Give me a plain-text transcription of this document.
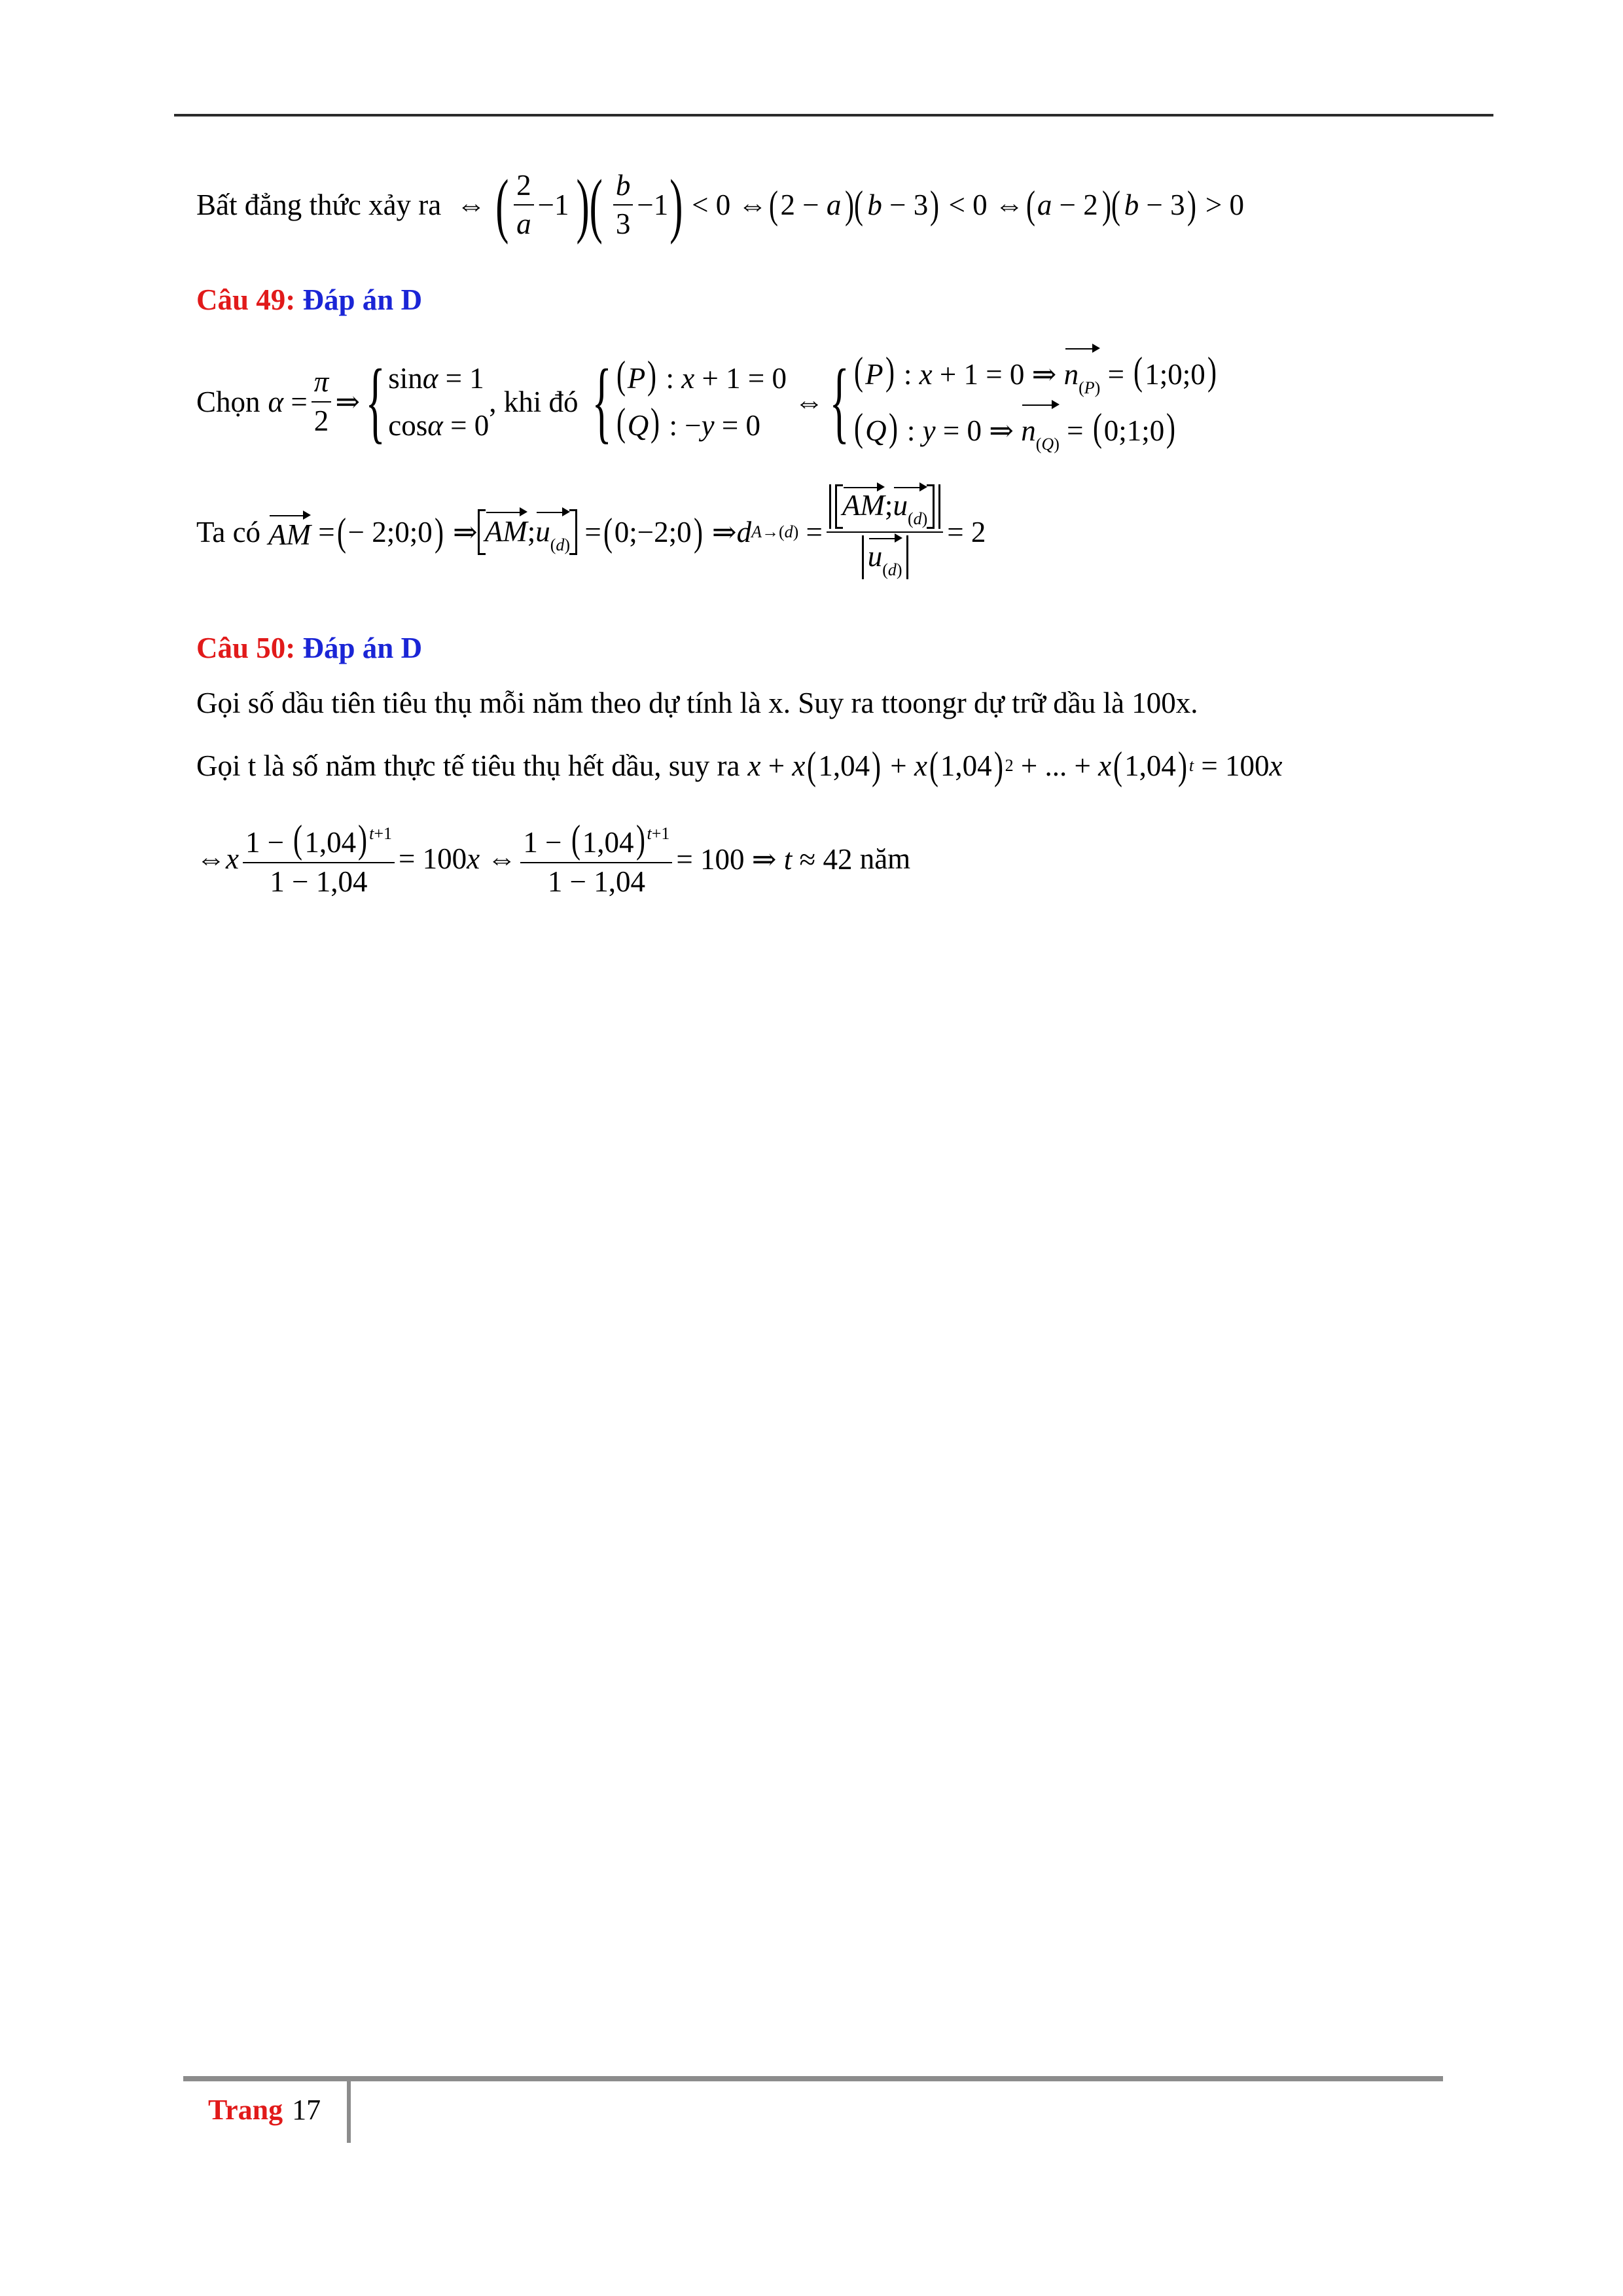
Bất đẳng thức xảy ra ⇔ ( $\frac{2}{a} -1$ )( $\frac{b}{3} -1$ ) < 0 ⇔ ( 2 − a )( b − 3 ) < 0 ⇔ ( a − 2 )( b − 3 ) > 0
Câu 49:
Đáp án D
Chọn $\alpha = \frac{\pi}{2}$ ⇒ { sinα = 1
cosα = 0
, khi đó { (P) : x + 1 = 0
(Q) : −y = 0
⇔ { (P) : x + 1 = 0 ⇒ $n_{(P)}$ = (1;0;0)
(Q) : y = 0 ⇒ $n_{(Q)}$ = (0;1;0)
Ta có AM = ( − 2;0;0 ) ⇒ $AM;u_{(d)}$ = ( 0;−2;0 ) ⇒ d $A\to(d) = \frac{AM;u_{(d)}}{u_{(d)}} = 2$
Câu 50:
Đáp án D
Gọi số dầu tiên tiêu thụ mỗi năm theo dự tính là x. Suy ra ttoongr dự trữ dầu là 100x.
Gọi t là số năm thực tế tiêu thụ hết dầu, suy ra x + x ( 1,04 ) + x ( 1,04 ) 2 + ... + x ( 1,04 ) t = 100x
⇔ x $\frac{1 - (1,04) ^{t+1}}{1 - 1,04} = 100x$ ⇔ $\frac{1 - (1,04) ^{t+1}}{1 - 1,04} = 100$ ⇒ t ≈ 42 năm
Trang 17
